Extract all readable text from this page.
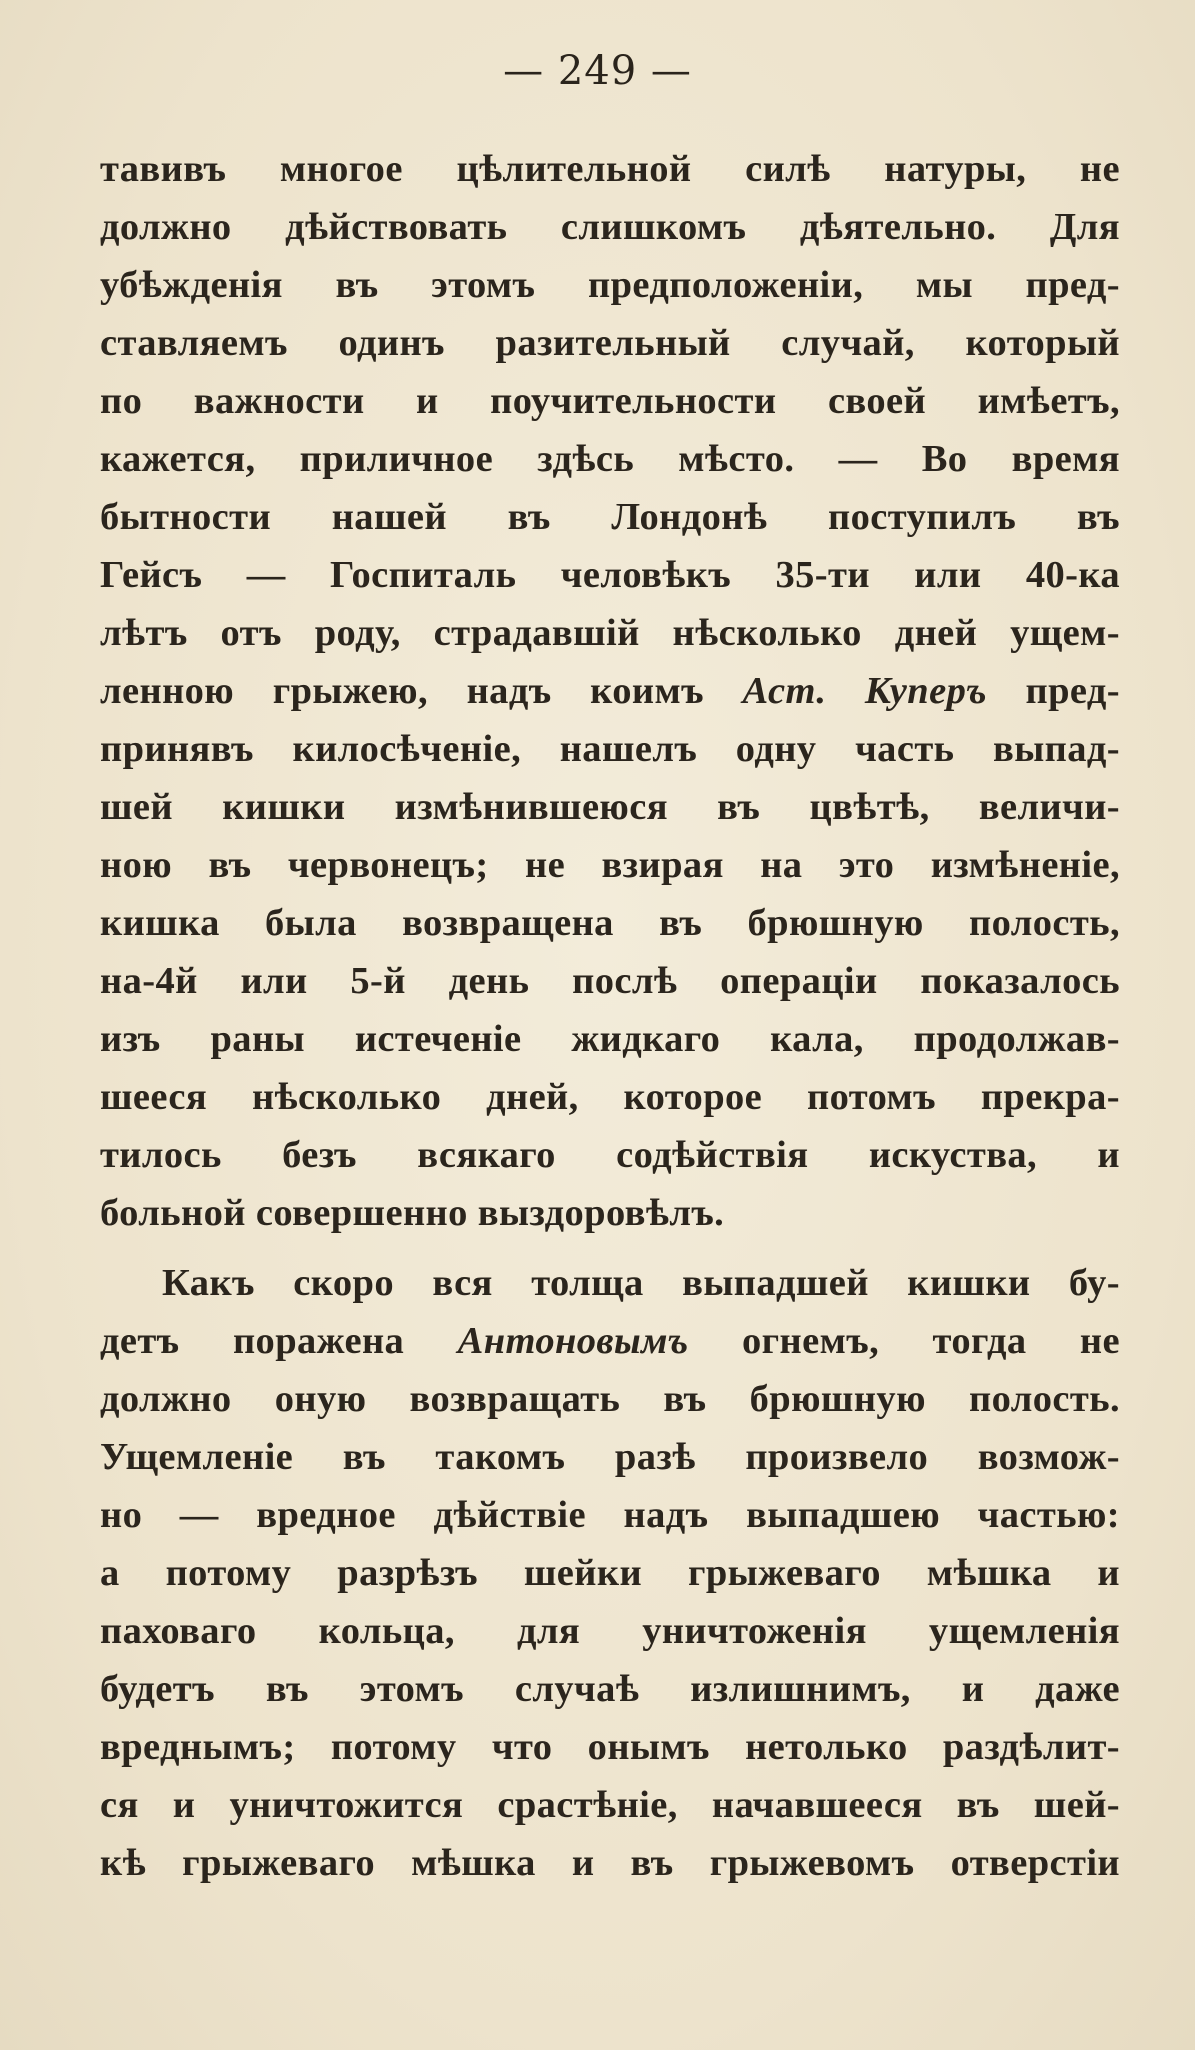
— 249 —
тавивъ многое цѣлительной силѣ натуры, не
должно дѣйствовать слишкомъ дѣятельно. Для
убѣжденія въ этомъ предположеніи, мы пред-
ставляемъ одинъ разительный случай, который
по важности и поучительности своей имѣетъ,
кажется, приличное здѣсь мѣсто. — Во время
бытности нашей въ Лондонѣ поступилъ въ
Гейсъ — Госпиталь человѣкъ 35-ти или 40-ка
лѣтъ отъ роду, страдавшій нѣсколько дней ущем-
ленною грыжею, надъ коимъ Аст. Куперъ пред-
принявъ килосѣченіе, нашелъ одну часть выпад-
шей кишки измѣнившеюся въ цвѣтѣ, величи-
ною въ червонецъ; не взирая на это измѣненіе,
кишка была возвращена въ брюшную полость,
на-4й или 5-й день послѣ операціи показалось
изъ раны истеченіе жидкаго кала, продолжав-
шееся нѣсколько дней, которое потомъ прекра-
тилось безъ всякаго содѣйствія искуства, и
больной совершенно выздоровѣлъ.
Какъ скоро вся толща выпадшей кишки бу-
детъ поражена Антоновымъ огнемъ, тогда не
должно оную возвращать въ брюшную полость.
Ущемленіе въ такомъ разѣ произвело возмож-
но — вредное дѣйствіе надъ выпадшею частью:
а потому разрѣзъ шейки грыжеваго мѣшка и
паховаго кольца, для уничтоженія ущемленія
будетъ въ этомъ случаѣ излишнимъ, и даже
вреднымъ; потому что онымъ нетолько раздѣлит-
ся и уничтожится срастѣніе, начавшееся въ шей-
кѣ грыжеваго мѣшка и въ грыжевомъ отверстіи
